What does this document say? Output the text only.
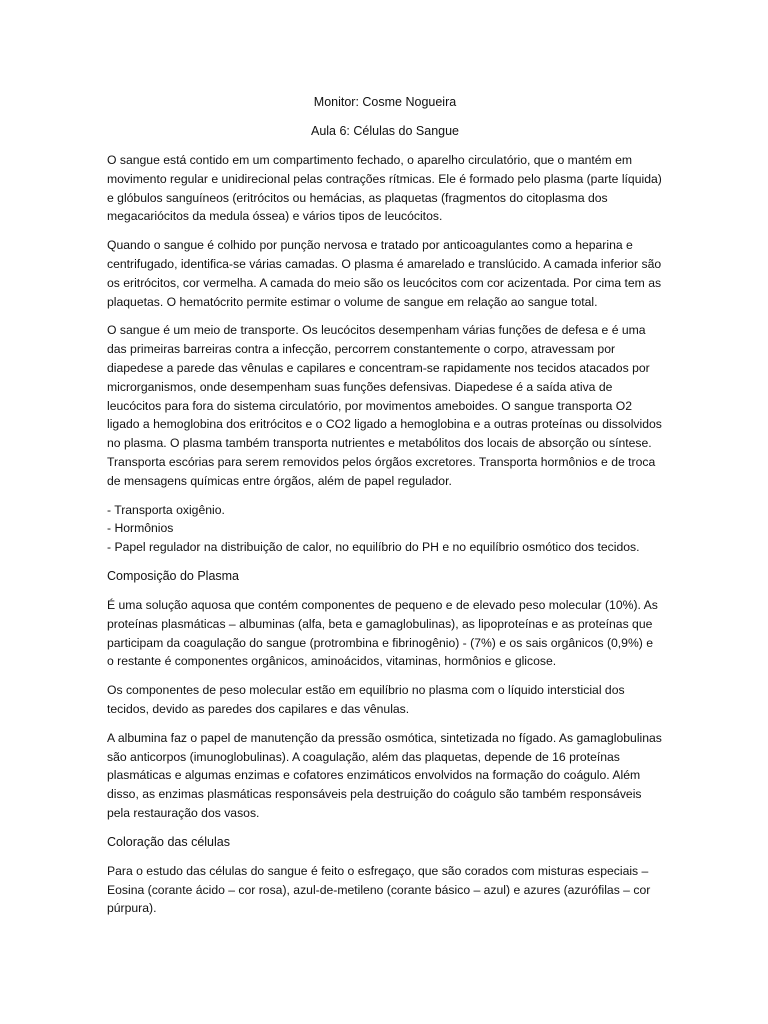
Monitor: Cosme Nogueira

Aula 6: Células do Sangue

O sangue está contido em um compartimento fechado, o aparelho circulatório, que o mantém em movimento regular e unidirecional pelas contrações rítmicas. Ele é formado pelo plasma (parte líquida) e glóbulos sanguíneos (eritrócitos ou hemácias, as plaquetas (fragmentos do citoplasma dos megacariócitos da medula óssea) e vários tipos de leucócitos.

Quando o sangue é colhido por punção nervosa e tratado por anticoagulantes como a heparina e centrifugado, identifica-se várias camadas. O plasma é amarelado e translúcido. A camada inferior são os eritrócitos, cor vermelha. A camada do meio são os leucócitos com cor acizentada. Por cima tem as plaquetas. O hematócrito permite estimar o volume de sangue em relação ao sangue total.

O sangue é um meio de transporte. Os leucócitos desempenham várias funções de defesa e é uma das primeiras barreiras contra a infecção, percorrem constantemente o corpo, atravessam por diapedese a parede das vênulas e capilares e concentram-se rapidamente nos tecidos atacados por microrganismos, onde desempenham suas funções defensivas. Diapedese é a saída ativa de leucócitos para fora do sistema circulatório, por movimentos ameboides. O sangue transporta O2 ligado a hemoglobina dos eritrócitos e o CO2 ligado a hemoglobina e a outras proteínas ou dissolvidos no plasma. O plasma também transporta nutrientes e metabólitos dos locais de absorção ou síntese. Transporta escórias para serem removidos pelos órgãos excretores. Transporta hormônios e de troca de mensagens químicas entre órgãos, além de papel regulador.

- Transporta oxigênio.
- Hormônios
- Papel regulador na distribuição de calor, no equilíbrio do PH e no equilíbrio osmótico dos tecidos.
Composição do Plasma

É uma solução aquosa que contém componentes de pequeno e de elevado peso molecular (10%). As proteínas plasmáticas – albuminas (alfa, beta e gamaglobulinas), as lipoproteínas e as proteínas que participam da coagulação do sangue (protrombina e fibrinogênio) - (7%) e os sais orgânicos (0,9%) e o restante é componentes orgânicos, aminoácidos, vitaminas, hormônios e glicose.

Os componentes de peso molecular estão em equilíbrio no plasma com o líquido intersticial dos tecidos, devido as paredes dos capilares e das vênulas.

A albumina faz o papel de manutenção da pressão osmótica, sintetizada no fígado. As gamaglobulinas são anticorpos (imunoglobulinas). A coagulação, além das plaquetas, depende de 16 proteínas plasmáticas e algumas enzimas e cofatores enzimáticos envolvidos na formação do coágulo. Além disso, as enzimas plasmáticas responsáveis pela destruição do coágulo são também responsáveis pela restauração dos vasos.

Coloração das células

Para o estudo das células do sangue é feito o esfregaço, que são corados com misturas especiais – Eosina (corante ácido – cor rosa), azul-de-metileno (corante básico – azul) e azures (azurófilas – cor púrpura).
